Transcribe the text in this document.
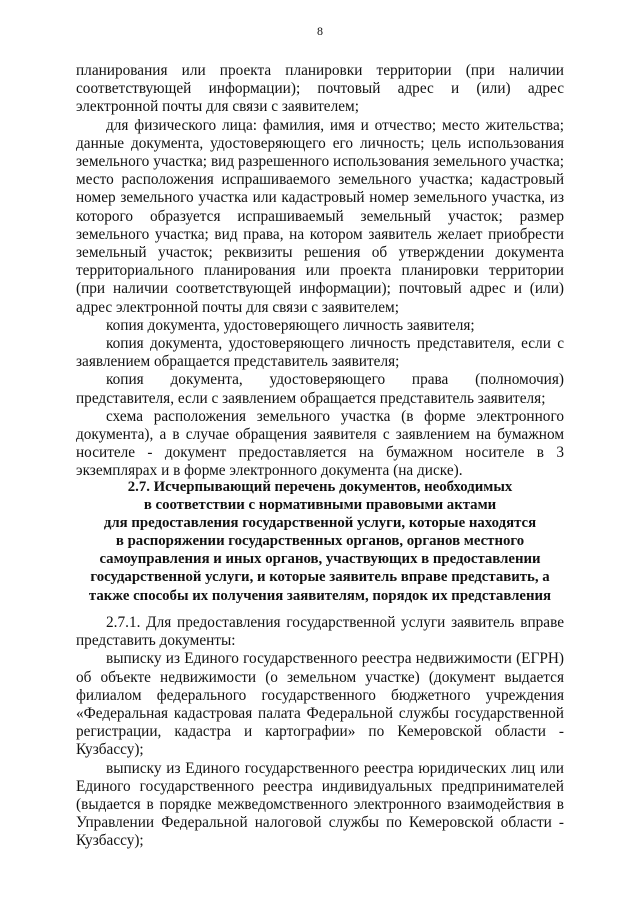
8

планирования или проекта планировки территории (при наличии соответствующей информации); почтовый адрес и (или) адрес электронной почты для связи с заявителем;

для физического лица: фамилия, имя и отчество; место жительства; данные документа, удостоверяющего его личность; цель использования земельного участка; вид разрешенного использования земельного участка; место расположения испрашиваемого земельного участка; кадастровый номер земельного участка или кадастровый номер земельного участка, из которого образуется испрашиваемый земельный участок; размер земельного участка; вид права, на котором заявитель желает приобрести земельный участок; реквизиты решения об утверждении документа территориального планирования или проекта планировки территории (при наличии соответствующей информации); почтовый адрес и (или) адрес электронной почты для связи с заявителем;

копия документа, удостоверяющего личность заявителя;

копия документа, удостоверяющего личность представителя, если с заявлением обращается представитель заявителя;

копия документа, удостоверяющего права (полномочия) представителя, если с заявлением обращается представитель заявителя;

схема расположения земельного участка (в форме электронного документа), а в случае обращения заявителя с заявлением на бумажном носителе - документ предоставляется на бумажном носителе в 3 экземплярах и в форме электронного документа (на диске).

2.7. Исчерпывающий перечень документов, необходимых
в соответствии с нормативными правовыми актами
для предоставления государственной услуги, которые находятся
в распоряжении государственных органов, органов местного
самоуправления и иных органов, участвующих в предоставлении
государственной услуги, и которые заявитель вправе представить, а
также способы их получения заявителям, порядок их представления

2.7.1. Для предоставления государственной услуги заявитель вправе представить документы:

выписку из Единого государственного реестра недвижимости (ЕГРН) об объекте недвижимости (о земельном участке) (документ выдается филиалом федерального государственного бюджетного учреждения «Федеральная кадастровая палата Федеральной службы государственной регистрации, кадастра и картографии» по Кемеровской области - Кузбассу);

выписку из Единого государственного реестра юридических лиц или Единого государственного реестра индивидуальных предпринимателей (выдается в порядке межведомственного электронного взаимодействия в Управлении Федеральной налоговой службы по Кемеровской области - Кузбассу);
